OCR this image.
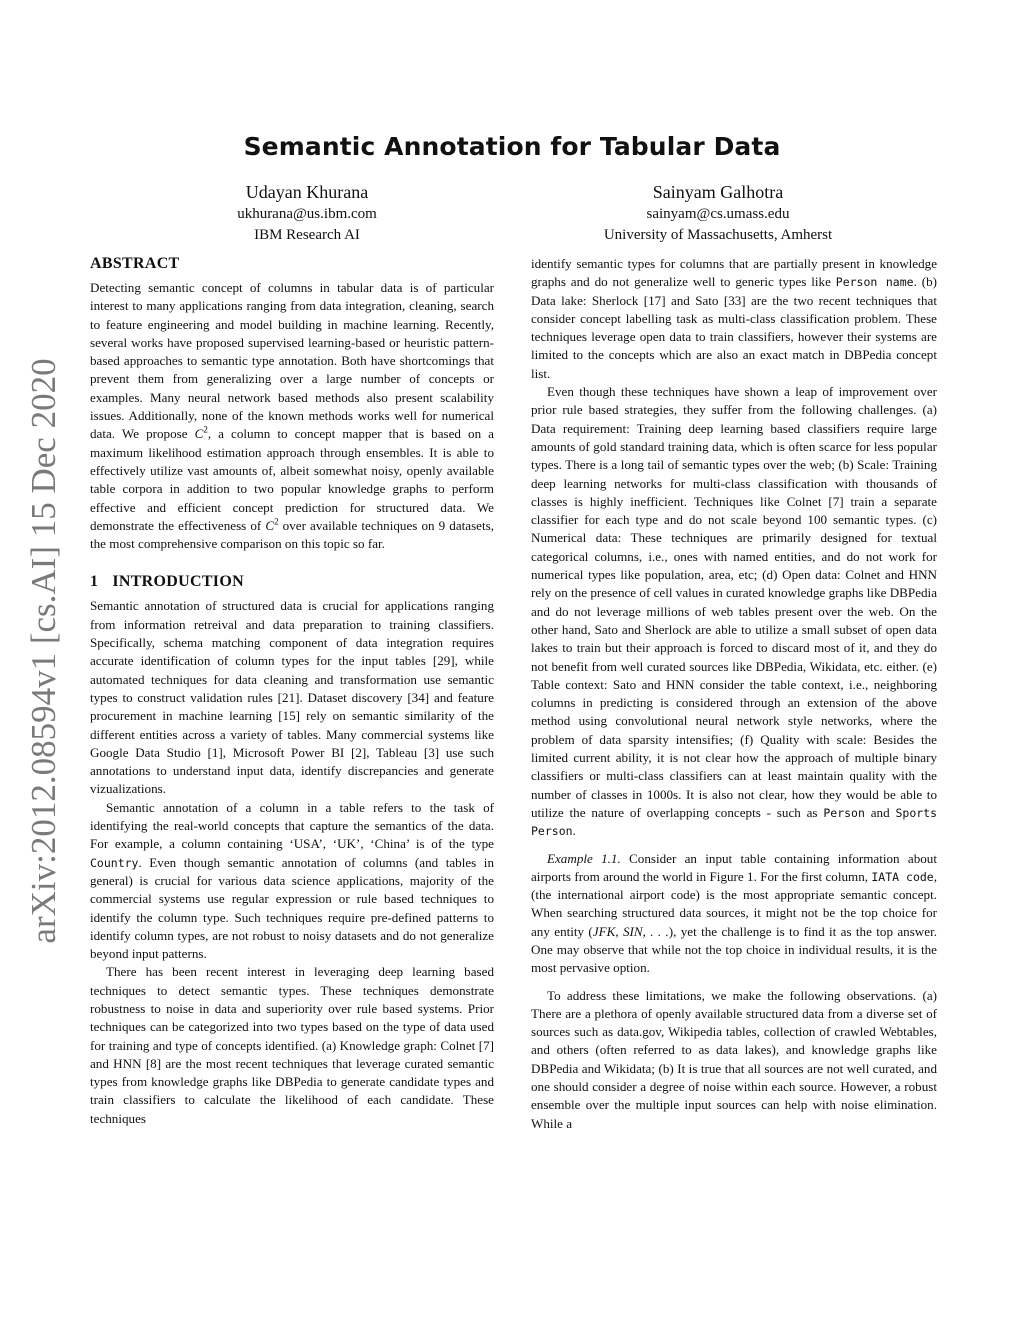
arXiv:2012.08594v1 [cs.AI] 15 Dec 2020
Semantic Annotation for Tabular Data
Udayan Khurana
ukhurana@us.ibm.com
IBM Research AI
Sainyam Galhotra
sainyam@cs.umass.edu
University of Massachusetts, Amherst
ABSTRACT

Detecting semantic concept of columns in tabular data is of particular interest to many applications ranging from data integration, cleaning, search to feature engineering and model building in machine learning. Recently, several works have proposed supervised learning-based or heuristic pattern-based approaches to semantic type annotation. Both have shortcomings that prevent them from generalizing over a large number of concepts or examples. Many neural network based methods also present scalability issues. Additionally, none of the known methods works well for numerical data. We propose $C^2$, a column to concept mapper that is based on a maximum likelihood estimation approach through ensembles. It is able to effectively utilize vast amounts of, albeit somewhat noisy, openly available table corpora in addition to two popular knowledge graphs to perform effective and efficient concept prediction for structured data. We demonstrate the effectiveness of $C^2$ over available techniques on 9 datasets, the most comprehensive comparison on this topic so far.

1 INTRODUCTION

Semantic annotation of structured data is crucial for applications ranging from information retreival and data preparation to training classifiers. Specifically, schema matching component of data integration requires accurate identification of column types for the input tables [29], while automated techniques for data cleaning and transformation use semantic types to construct validation rules [21]. Dataset discovery [34] and feature procurement in machine learning [15] rely on semantic similarity of the different entities across a variety of tables. Many commercial systems like Google Data Studio [1], Microsoft Power BI [2], Tableau [3] use such annotations to understand input data, identify discrepancies and generate vizualizations.

Semantic annotation of a column in a table refers to the task of identifying the real-world concepts that capture the semantics of the data. For example, a column containing ‘USA’, ‘UK’, ‘China’ is of the type Country. Even though semantic annotation of columns (and tables in general) is crucial for various data science applications, majority of the commercial systems use regular expression or rule based techniques to identify the column type. Such techniques require pre-defined patterns to identify column types, are not robust to noisy datasets and do not generalize beyond input patterns.

There has been recent interest in leveraging deep learning based techniques to detect semantic types. These techniques demonstrate robustness to noise in data and superiority over rule based systems. Prior techniques can be categorized into two types based on the type of data used for training and type of concepts identified. (a) Knowledge graph: Colnet [7] and HNN [8] are the most recent techniques that leverage curated semantic types from knowledge graphs like DBPedia to generate candidate types and train classifiers to calculate the likelihood of each candidate. These techniques

identify semantic types for columns that are partially present in knowledge graphs and do not generalize well to generic types like Person name. (b) Data lake: Sherlock [17] and Sato [33] are the two recent techniques that consider concept labelling task as multi-class classification problem. These techniques leverage open data to train classifiers, however their systems are limited to the concepts which are also an exact match in DBPedia concept list.

Even though these techniques have shown a leap of improvement over prior rule based strategies, they suffer from the following challenges. (a) Data requirement: Training deep learning based classifiers require large amounts of gold standard training data, which is often scarce for less popular types. There is a long tail of semantic types over the web; (b) Scale: Training deep learning networks for multi-class classification with thousands of classes is highly inefficient. Techniques like Colnet [7] train a separate classifier for each type and do not scale beyond 100 semantic types. (c) Numerical data: These techniques are primarily designed for textual categorical columns, i.e., ones with named entities, and do not work for numerical types like population, area, etc; (d) Open data: Colnet and HNN rely on the presence of cell values in curated knowledge graphs like DBPedia and do not leverage millions of web tables present over the web. On the other hand, Sato and Sherlock are able to utilize a small subset of open data lakes to train but their approach is forced to discard most of it, and they do not benefit from well curated sources like DBPedia, Wikidata, etc. either. (e) Table context: Sato and HNN consider the table context, i.e., neighboring columns in predicting is considered through an extension of the above method using convolutional neural network style networks, where the problem of data sparsity intensifies; (f) Quality with scale: Besides the limited current ability, it is not clear how the approach of multiple binary classifiers or multi-class classifiers can at least maintain quality with the number of classes in 1000s. It is also not clear, how they would be able to utilize the nature of overlapping concepts - such as Person and Sports Person.

Example 1.1. Consider an input table containing information about airports from around the world in Figure 1. For the first column, IATA code, (the international airport code) is the most appropriate semantic concept. When searching structured data sources, it might not be the top choice for any entity (JFK, SIN, . . .), yet the challenge is to find it as the top answer. One may observe that while not the top choice in individual results, it is the most pervasive option.

To address these limitations, we make the following observations. (a) There are a plethora of openly available structured data from a diverse set of sources such as data.gov, Wikipedia tables, collection of crawled Webtables, and others (often referred to as data lakes), and knowledge graphs like DBPedia and Wikidata; (b) It is true that all sources are not well curated, and one should consider a degree of noise within each source. However, a robust ensemble over the multiple input sources can help with noise elimination. While a
